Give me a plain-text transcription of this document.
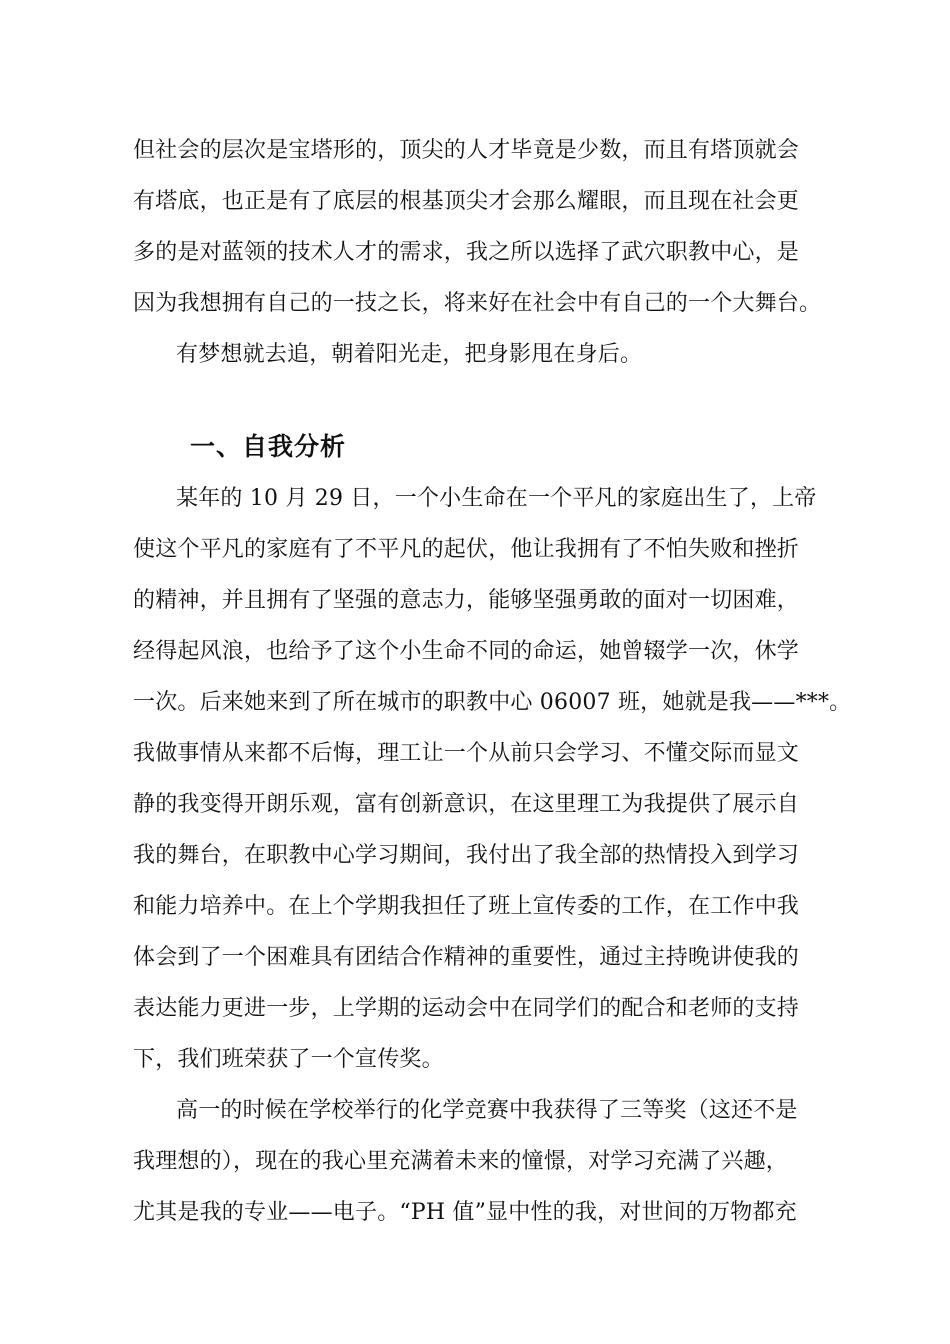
但社会的层次是宝塔形的，顶尖的人才毕竟是少数，而且有塔顶就会
有塔底，也正是有了底层的根基顶尖才会那么耀眼，而且现在社会更
多的是对蓝领的技术人才的需求，我之所以选择了武穴职教中心，是
因为我想拥有自己的一技之长，将来好在社会中有自己的一个大舞台。
有梦想就去追，朝着阳光走，把身影甩在身后。
一、自我分析
某年的 10 月 29 日，一个小生命在一个平凡的家庭出生了，上帝
使这个平凡的家庭有了不平凡的起伏，他让我拥有了不怕失败和挫折
的精神，并且拥有了坚强的意志力，能够坚强勇敢的面对一切困难，
经得起风浪，也给予了这个小生命不同的命运，她曾辍学一次，休学
一次。后来她来到了所在城市的职教中心 06007 班，她就是我——***。
我做事情从来都不后悔，理工让一个从前只会学习、不懂交际而显文
静的我变得开朗乐观，富有创新意识，在这里理工为我提供了展示自
我的舞台，在职教中心学习期间，我付出了我全部的热情投入到学习
和能力培养中。在上个学期我担任了班上宣传委的工作，在工作中我
体会到了一个困难具有团结合作精神的重要性，通过主持晚讲使我的
表达能力更进一步，上学期的运动会中在同学们的配合和老师的支持
下，我们班荣获了一个宣传奖。
高一的时候在学校举行的化学竞赛中我获得了三等奖（这还不是
我理想的），现在的我心里充满着未来的憧憬，对学习充满了兴趣，
尤其是我的专业——电子。“PH 值”显中性的我，对世间的万物都充
